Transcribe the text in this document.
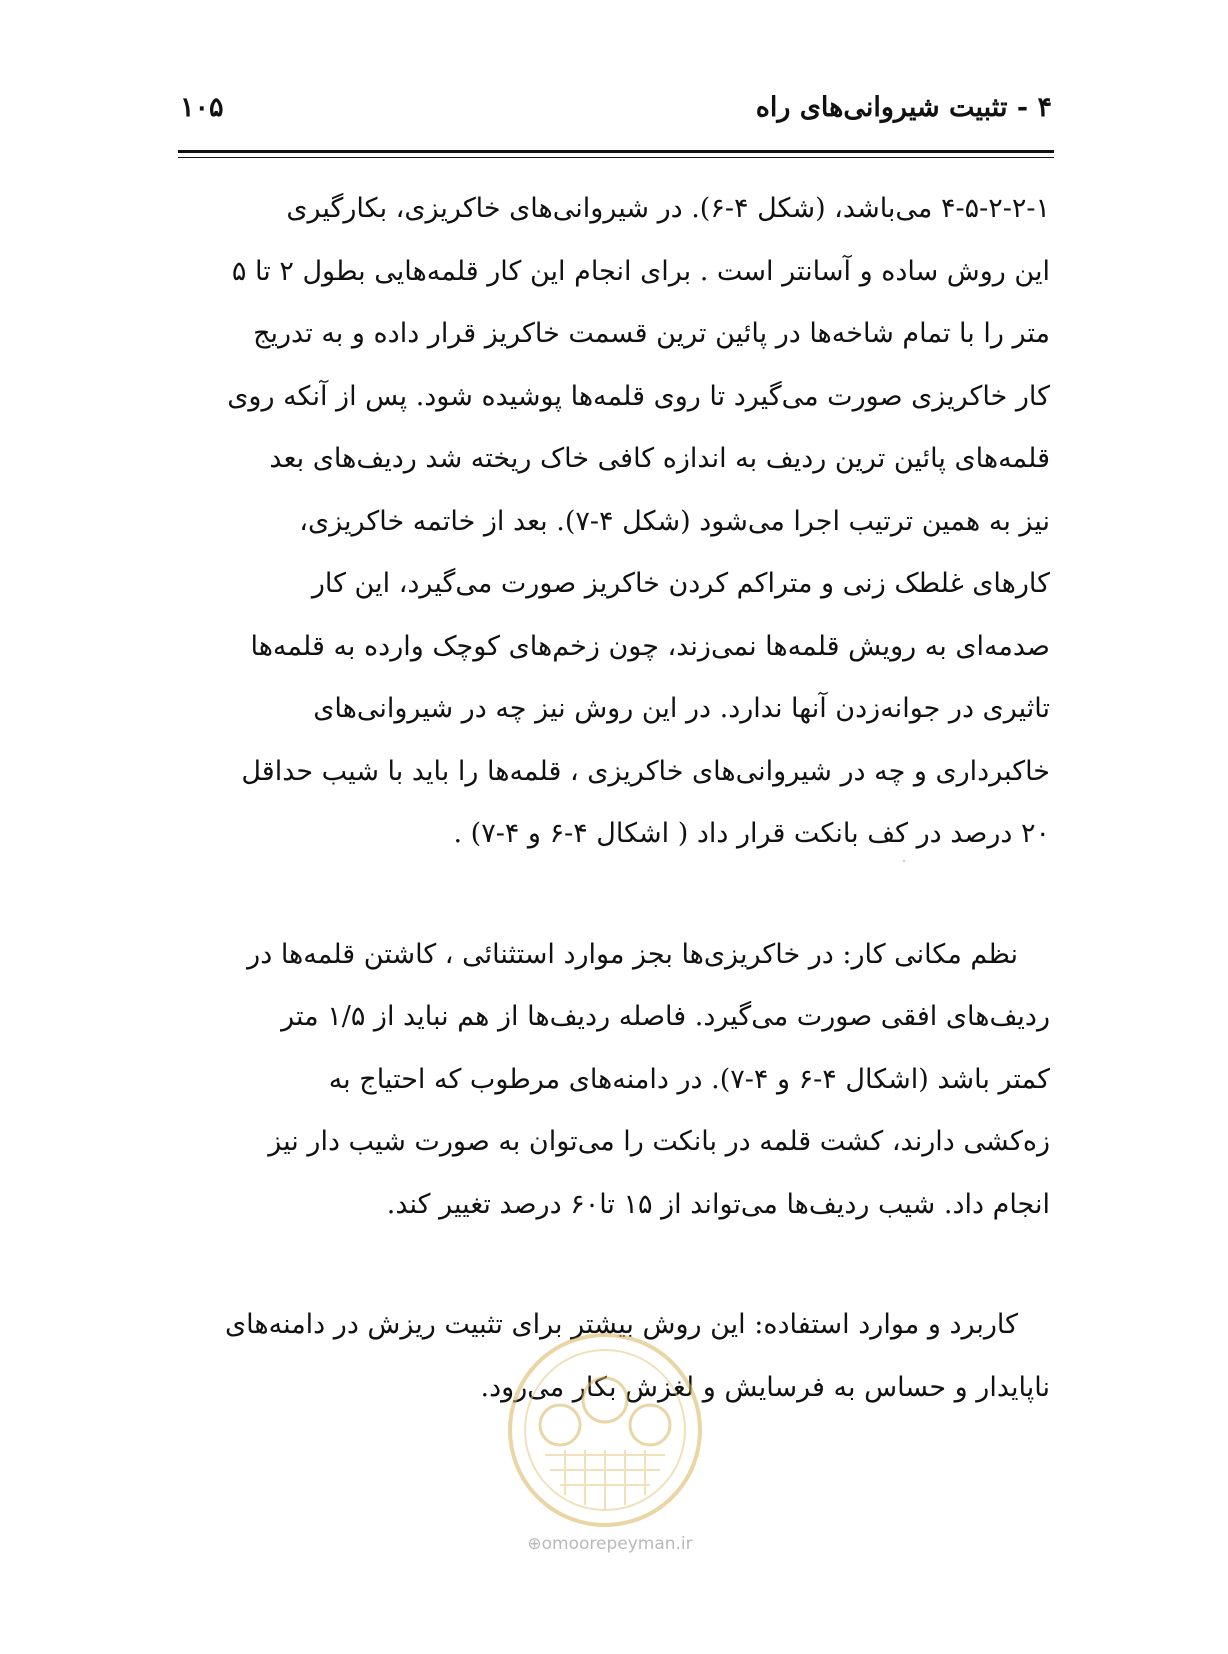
۴ - تثبیت شیروانی‌های راه
۱۰۵
۴-۵-۲-۲-۱ می‌باشد، (شکل ۴-۶). در شیروانی‌های خاکریزی، بکارگیری
این روش ساده و آسانتر است . برای انجام این کار قلمه‌هایی بطول ۲ تا ۵
متر را با تمام شاخه‌ها در پائین ترین قسمت خاکریز قرار داده و به تدریج
کار خاکریزی صورت می‌گیرد تا روی قلمه‌ها پوشیده شود. پس از آنکه روی
قلمه‌های پائین ترین ردیف به اندازه کافی خاک ریخته شد ردیف‌های بعد
نیز به همین ترتیب اجرا می‌شود (شکل ۴-۷). بعد از خاتمه خاکریزی،
کارهای غلطک زنی و متراکم کردن خاکریز صورت می‌گیرد، این کار
صدمه‌ای به رویش قلمه‌ها نمی‌زند، چون زخم‌های کوچک وارده به قلمه‌ها
تاثیری در جوانه‌زدن آنها ندارد. در این روش نیز چه در شیروانی‌های
خاکبرداری و چه در شیروانی‌های خاکریزی ، قلمه‌ها را باید با شیب حداقل
۲۰ درصد در کف بانکت قرار داد ( اشکال ۴-۶ و ۴-۷) .
نظم مکانی کار: در خاکریزی‌ها بجز موارد استثنائی ، کاشتن قلمه‌ها در
ردیف‌های افقی صورت می‌گیرد. فاصله ردیف‌ها از هم نباید از ۱/۵ متر
کمتر باشد (اشکال ۴-۶ و ۴-۷). در دامنه‌های مرطوب که احتیاج به
زه‌کشی دارند، کشت قلمه در بانکت را می‌توان به صورت شیب دار نیز
انجام داد. شیب ردیف‌ها می‌تواند از ۱۵ تا۶۰ درصد تغییر کند.
کاربرد و موارد استفاده: این روش بیشتر برای تثبیت ریزش در دامنه‌های
ناپایدار و حساس به فرسایش و لغزش بکار می‌رود.
⊕omoorepeyman.ir
